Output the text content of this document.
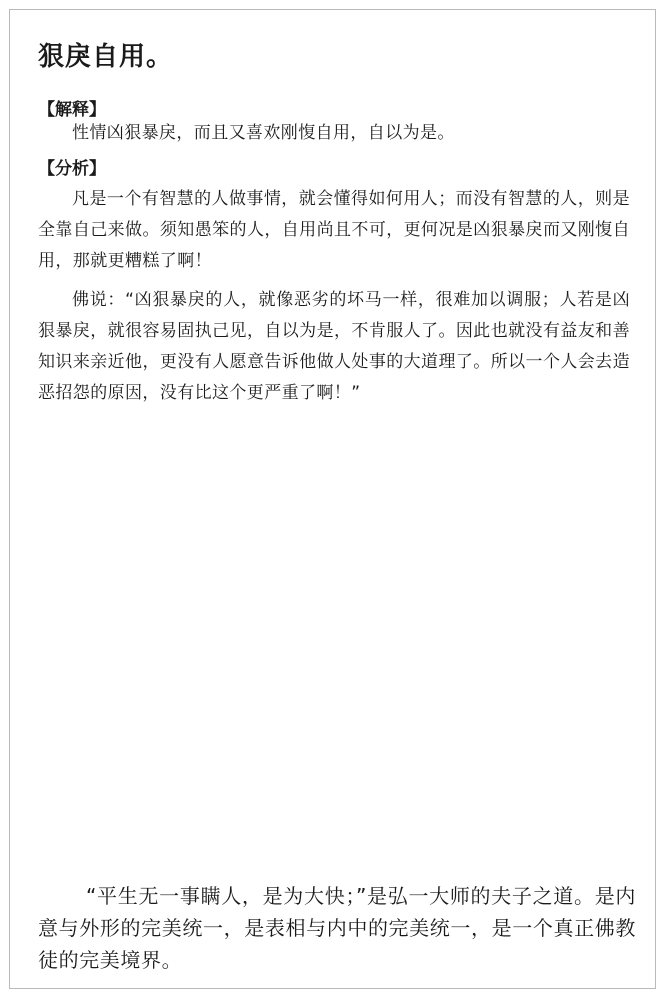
狠戾自用。
【解释】

性情凶狠暴戾，而且又喜欢刚愎自用，自以为是。

【分析】

凡是一个有智慧的人做事情，就会懂得如何用人；而没有智慧的人，则是全靠自己来做。须知愚笨的人，自用尚且不可，更何况是凶狠暴戾而又刚愎自用，那就更糟糕了啊！

佛说：“凶狠暴戾的人，就像恶劣的坏马一样，很难加以调服；人若是凶狠暴戾，就很容易固执己见，自以为是，不肯服人了。因此也就没有益友和善知识来亲近他，更没有人愿意告诉他做人处事的大道理了。所以一个人会去造恶招怨的原因，没有比这个更严重了啊！”

“平生无一事瞒人，是为大快；”是弘一大师的夫子之道。是内意与外形的完美统一，是表相与内中的完美统一，是一个真正佛教徒的完美境界。
